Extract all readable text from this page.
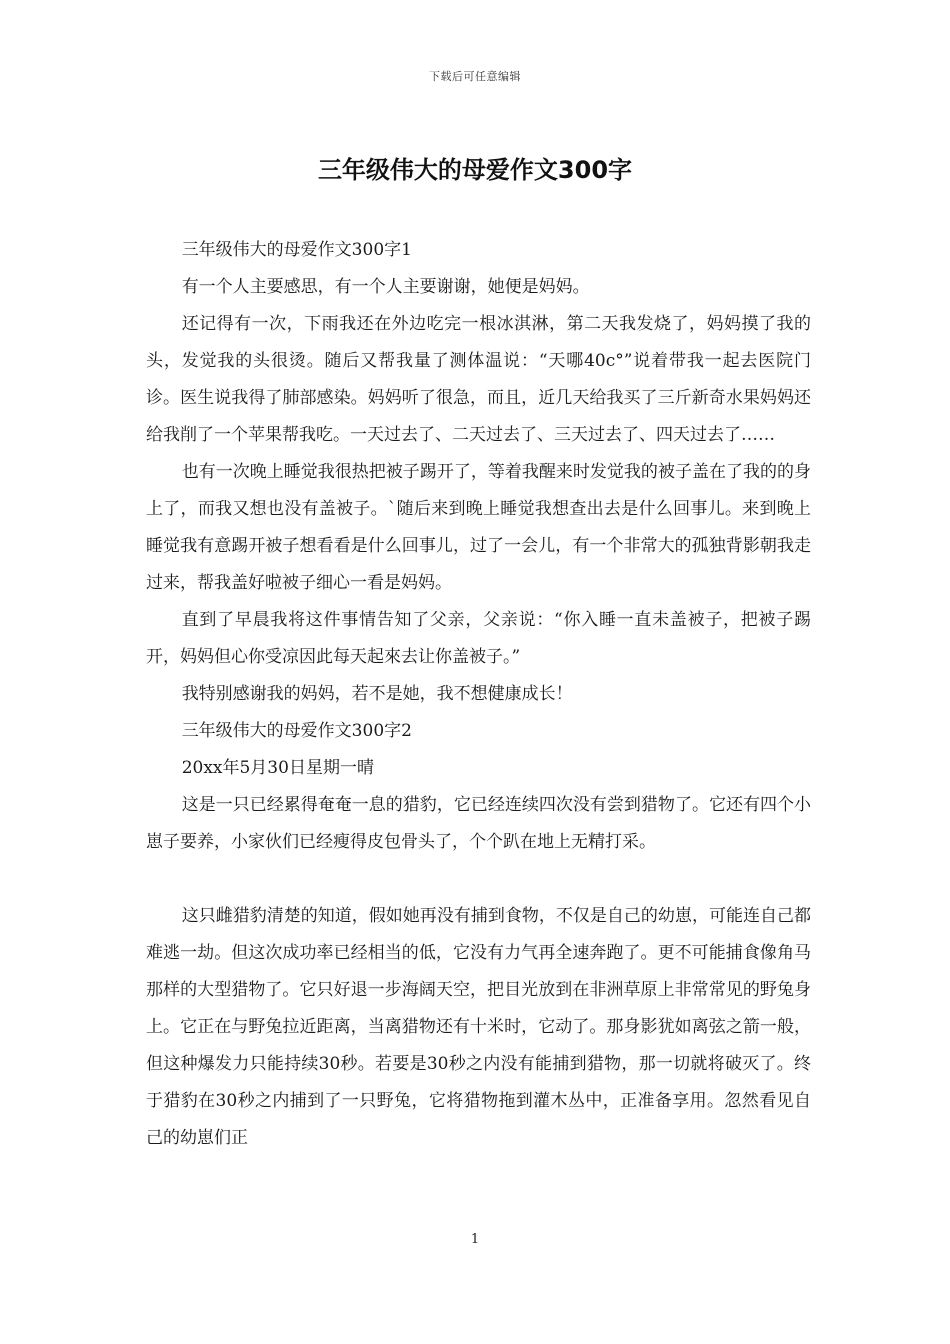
下载后可任意编辑
三年级伟大的母爱作文300字

三年级伟大的母爱作文300字1

有一个人主要感思，有一个人主要谢谢，她便是妈妈。

还记得有一次，下雨我还在外边吃完一根冰淇淋，第二天我发烧了，妈妈摸了我的头，发觉我的头很烫。随后又帮我量了测体温说：“天哪40c°”说着带我一起去医院门诊。医生说我得了肺部感染。妈妈听了很急，而且，近几天给我买了三斤新奇水果妈妈还给我削了一个苹果帮我吃。一天过去了、二天过去了、三天过去了、四天过去了……

也有一次晚上睡觉我很热把被子踢开了，等着我醒来时发觉我的被子盖在了我的的身上了，而我又想也没有盖被子。`随后来到晚上睡觉我想查出去是什么回事儿。来到晚上睡觉我有意踢开被子想看看是什么回事儿，过了一会儿，有一个非常大的孤独背影朝我走过来，帮我盖好啦被子细心一看是妈妈。

直到了早晨我将这件事情告知了父亲，父亲说：“你入睡一直未盖被子，把被子踢开，妈妈但心你受凉因此每天起來去让你盖被子。”

我特别感谢我的妈妈，若不是她，我不想健康成长！

三年级伟大的母爱作文300字2

20xx年5月30日星期一晴

这是一只已经累得奄奄一息的猎豹，它已经连续四次没有尝到猎物了。它还有四个小崽子要养，小家伙们已经瘦得皮包骨头了，个个趴在地上无精打采。

这只雌猎豹清楚的知道，假如她再没有捕到食物，不仅是自己的幼崽，可能连自己都难逃一劫。但这次成功率已经相当的低，它没有力气再全速奔跑了。更不可能捕食像角马那样的大型猎物了。它只好退一步海阔天空，把目光放到在非洲草原上非常常见的野兔身上。它正在与野兔拉近距离，当离猎物还有十米时，它动了。那身影犹如离弦之箭一般，但这种爆发力只能持续30秒。若要是30秒之内没有能捕到猎物，那一切就将破灭了。终于猎豹在30秒之内捕到了一只野兔，它将猎物拖到灌木丛中，正准备享用。忽然看见自己的幼崽们正

1
